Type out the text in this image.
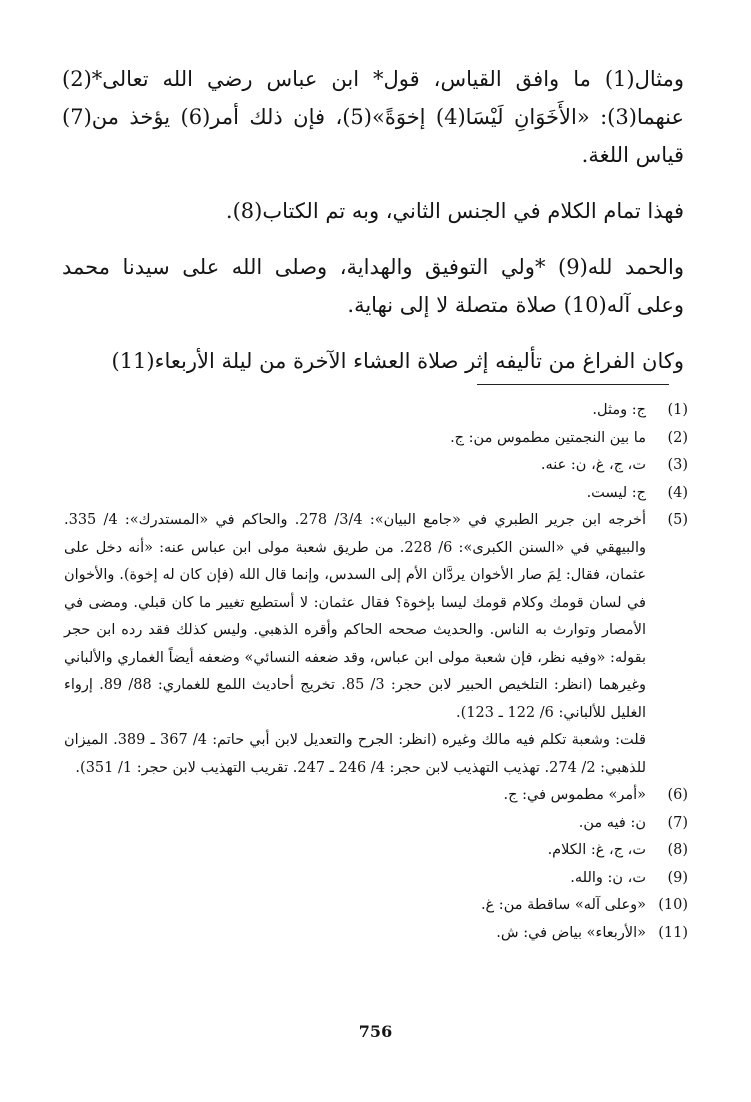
ومثال(1) ما وافق القياس، قول* ابن عباس رضي الله تعالى*(2) عنهما(3): «الأَخَوَانِ لَيْسَا(4) إخوَةً»(5)، فإن ذلك أمر(6) يؤخذ من(7) قياس اللغة.

فهذا تمام الكلام في الجنس الثاني، وبه تم الكتاب(8).

والحمد لله(9) *ولي التوفيق والهداية، وصلى الله على سيدنا محمد وعلى آله(10) صلاة متصلة لا إلى نهاية.

وكان الفراغ من تأليفه إثر صلاة العشاء الآخرة من ليلة الأربعاء(11)

(1)
ج: ومثل.
(2)
ما بين النجمتين مطموس من: ج.
(3)
ت، ج، غ، ن: عنه.
(4)
ج: ليست.
(5)
أخرجه ابن جرير الطبري في «جامع البيان»: 3/4/ 278. والحاكم في «المستدرك»: 4/ 335. والبيهقي في «السنن الكبرى»: 6/ 228. من طريق شعبة مولى ابن عباس عنه: «أنه دخل على عثمان، فقال: لِمَ صار الأخوان يردَّان الأم إلى السدس، وإنما قال الله (فإن كان له إخوة). والأخوان في لسان قومك وكلام قومك ليسا بإخوة؟ فقال عثمان: لا أستطيع تغيير ما كان قبلي. ومضى في الأمصار وتوارث به الناس. والحديث صححه الحاكم وأقره الذهبي. وليس كذلك فقد رده ابن حجر بقوله: «وفيه نظر، فإن شعبة مولى ابن عباس، وقد ضعفه النسائي» وضعفه أيضاً الغماري والألباني وغيرهما (انظر: التلخيص الحبير لابن حجر: 3/ 85. تخريج أحاديث اللمع للغماري: 88/ 89. إرواء الغليل للألباني: 6/ 122 ـ 123).
قلت: وشعبة تكلم فيه مالك وغيره (انظر: الجرح والتعديل لابن أبي حاتم: 4/ 367 ـ 389. الميزان للذهبي: 2/ 274. تهذيب التهذيب لابن حجر: 4/ 246 ـ 247. تقريب التهذيب لابن حجر: 1/ 351).
(6)
«أمر» مطموس في: ج.
(7)
ن: فيه من.
(8)
ت، ج، غ: الكلام.
(9)
ت، ن: والله.
(10)
«وعلى آله» ساقطة من: غ.
(11)
«الأربعاء» بياض في: ش.
756
